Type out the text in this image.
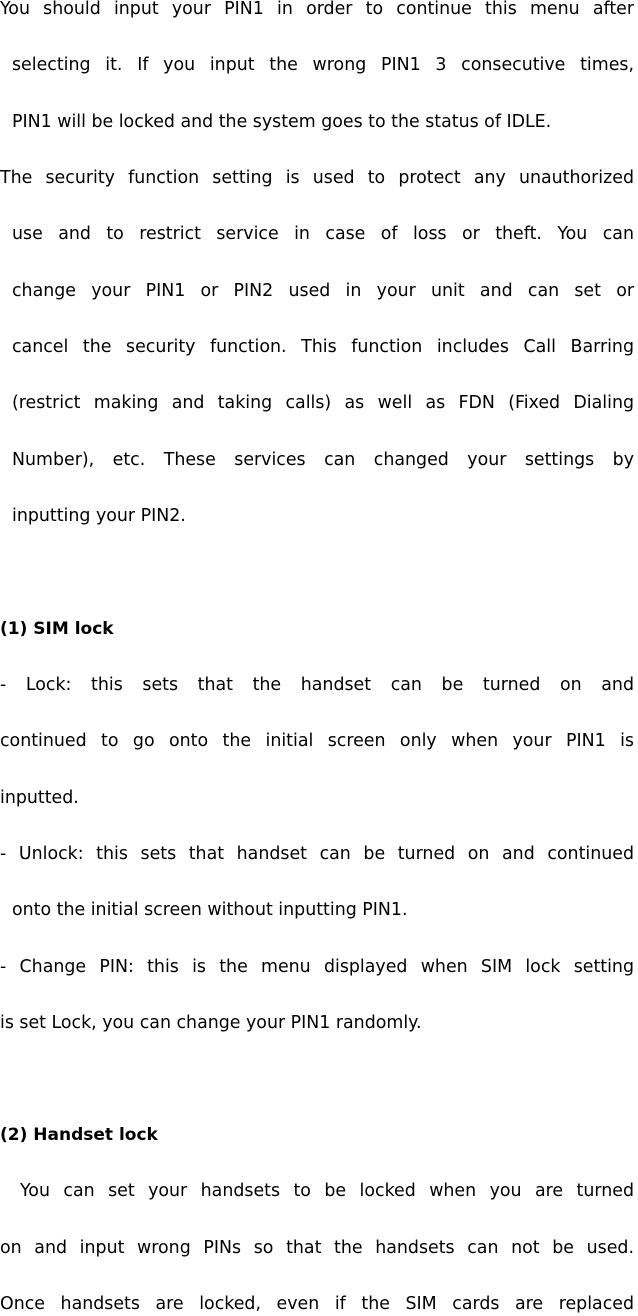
You should input your PIN1 in order to continue this menu after
selecting it. If you input the wrong PIN1 3 consecutive times,
PIN1 will be locked and the system goes to the status of IDLE.
The security function setting is used to protect any unauthorized
use and to restrict service in case of loss or theft. You can
change your PIN1 or PIN2 used in your unit and can set or
cancel the security function. This function includes Call Barring
(restrict making and taking calls) as well as FDN (Fixed Dialing
Number), etc. These services can changed your settings by
inputting your PIN2.
(1) SIM lock
- Lock: this sets that the handset can be turned on and
continued to go onto the initial screen only when your PIN1 is
inputted.
- Unlock: this sets that handset can be turned on and continued
onto the initial screen without inputting PIN1.
- Change PIN: this is the menu displayed when SIM lock setting
is set Lock, you can change your PIN1 randomly.
(2) Handset lock
You can set your handsets to be locked when you are turned
on and input wrong PINs so that the handsets can not be used.
Once handsets are locked, even if the SIM cards are replaced
